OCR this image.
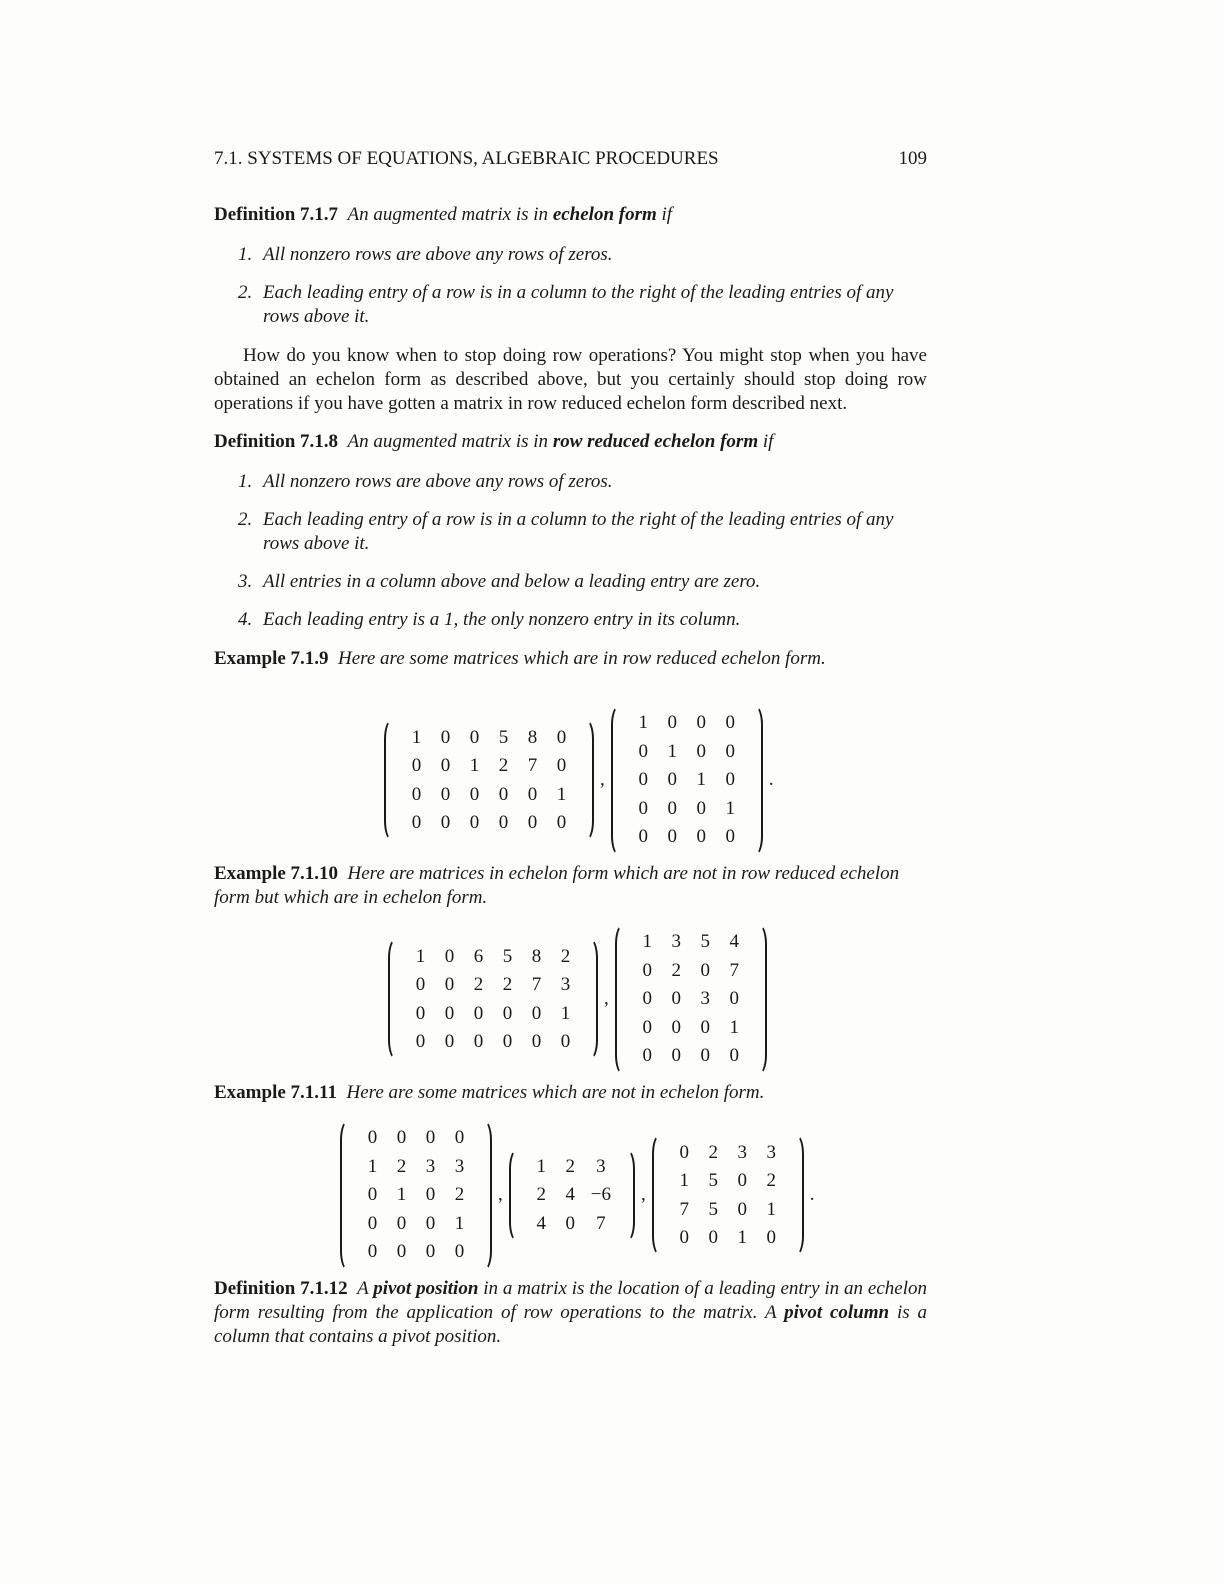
7.1. SYSTEMS OF EQUATIONS, ALGEBRAIC PROCEDURES	109
Definition 7.1.7 An augmented matrix is in echelon form if
1. All nonzero rows are above any rows of zeros.
2. Each leading entry of a row is in a column to the right of the leading entries of any rows above it.
How do you know when to stop doing row operations? You might stop when you have obtained an echelon form as described above, but you certainly should stop doing row operations if you have gotten a matrix in row reduced echelon form described next.
Definition 7.1.8 An augmented matrix is in row reduced echelon form if
1. All nonzero rows are above any rows of zeros.
2. Each leading entry of a row is in a column to the right of the leading entries of any rows above it.
3. All entries in a column above and below a leading entry are zero.
4. Each leading entry is a 1, the only nonzero entry in its column.
Example 7.1.9 Here are some matrices which are in row reduced echelon form.
1	0	0	5	8	0
0	0	1	2	7	0
0	0	0	0	0	1
0	0	0	0	0	0
,
1	0	0	0
0	1	0	0
0	0	1	0
0	0	0	1
0	0	0	0
.
Example 7.1.10 Here are matrices in echelon form which are not in row reduced echelon form but which are in echelon form.
1	0	6	5	8	2
0	0	2	2	7	3
0	0	0	0	0	1
0	0	0	0	0	0
,
1	3	5	4
0	2	0	7
0	0	3	0
0	0	0	1
0	0	0	0
Example 7.1.11 Here are some matrices which are not in echelon form.
0	0	0	0
1	2	3	3
0	1	0	2
0	0	0	1
0	0	0	0
,
1	2	3
2	4	−6
4	0	7
,
0	2	3	3
1	5	0	2
7	5	0	1
0	0	1	0
.
Definition 7.1.12 A pivot position in a matrix is the location of a leading entry in an echelon form resulting from the application of row operations to the matrix. A pivot column is a column that contains a pivot position.
